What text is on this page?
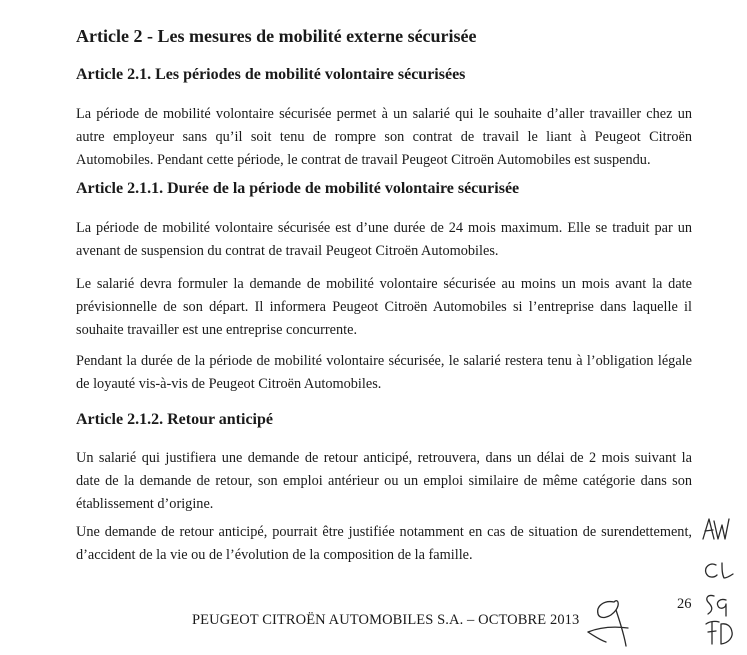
Article 2 - Les mesures de mobilité externe sécurisée
Article 2.1. Les périodes de mobilité volontaire sécurisées

La période de mobilité volontaire sécurisée permet à un salarié qui le souhaite d’aller travailler chez un
autre employeur sans qu’il soit tenu de rompre son contrat de travail le liant à Peugeot Citroën
Automobiles. Pendant cette période, le contrat de travail Peugeot Citroën Automobiles est suspendu.

Article 2.1.1. Durée de la période de mobilité volontaire sécurisée

La période de mobilité volontaire sécurisée est d’une durée de 24 mois maximum. Elle se traduit par un
avenant de suspension du contrat de travail Peugeot Citroën Automobiles.

Le salarié devra formuler la demande de mobilité volontaire sécurisée au moins un mois avant la date
prévisionnelle de son départ. Il informera Peugeot Citroën Automobiles si l’entreprise dans laquelle il
souhaite travailler est une entreprise concurrente.

Pendant la durée de la période de mobilité volontaire sécurisée, le salarié restera tenu à l’obligation légale
de loyauté vis-à-vis de Peugeot Citroën Automobiles.

Article 2.1.2. Retour anticipé

Un salarié qui justifiera une demande de retour anticipé, retrouvera, dans un délai de 2 mois suivant la
date de la demande de retour, son emploi antérieur ou un emploi similaire de même catégorie dans son
établissement d’origine.

Une demande de retour anticipé, pourrait être justifiée notamment en cas de situation de surendettement,
d’accident de la vie ou de l’évolution de la composition de la famille.

PEUGEOT CITROËN AUTOMOBILES S.A. – OCTOBRE 2013
26
